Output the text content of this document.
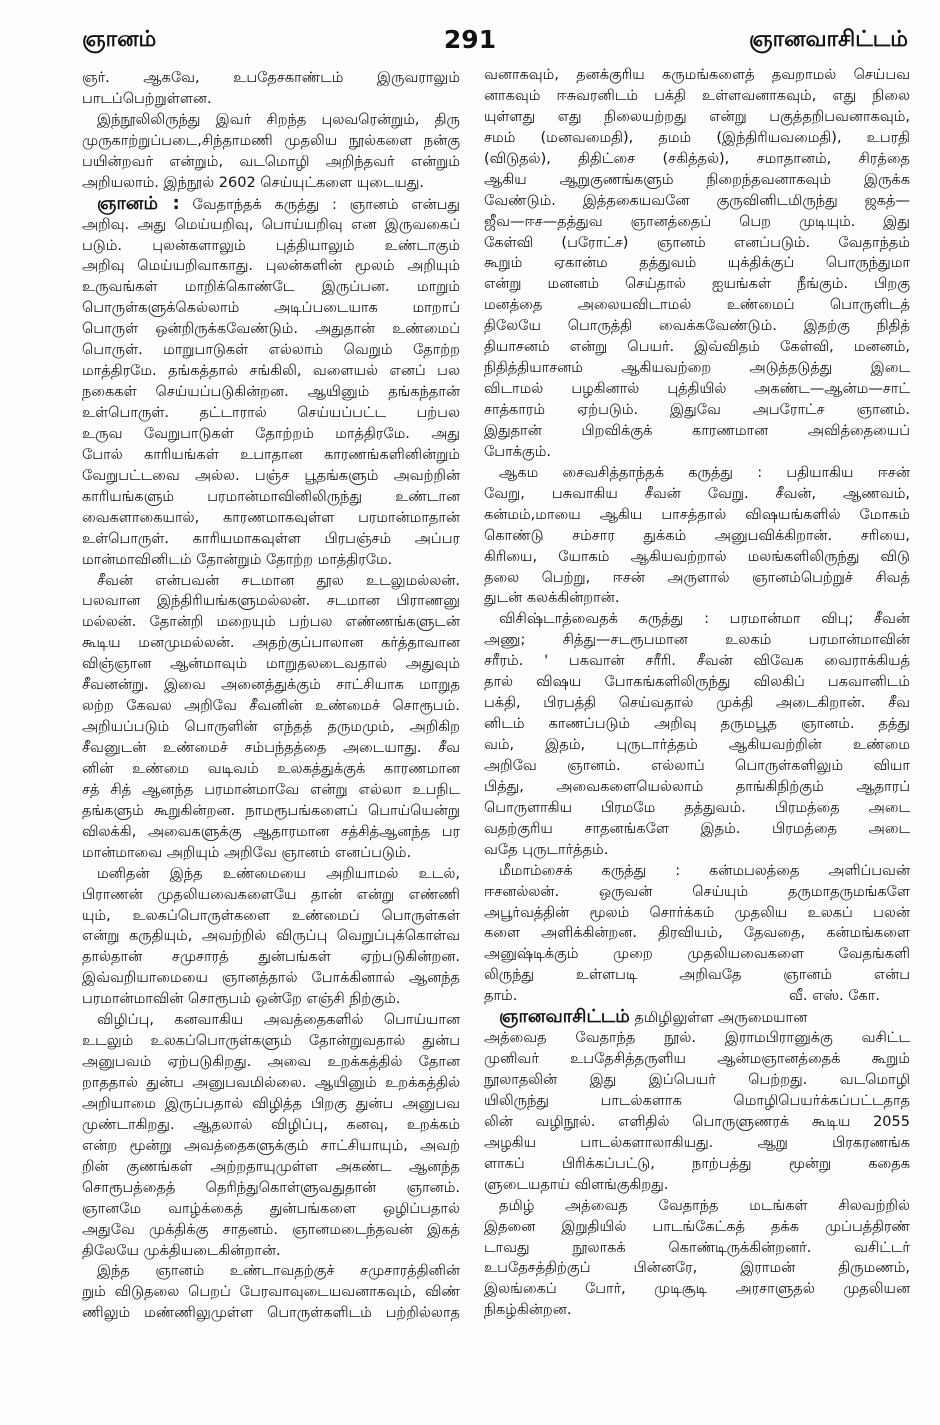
ஞானம்	291	ஞானவாசிட்டம்
ஞர். ஆகவே, உபதேசகாண்டம் இருவராலும்
பாடப்பெற்றுள்ளன.
இந்நூலிலிருந்து இவர் சிறந்த புலவரென்றும், திரு
முருகாற்றுப்படை,சிந்தாமணி முதலிய நூல்களை நன்கு
பயின்றவர் என்றும், வடமொழி அறிந்தவர் என்றும்
அறியலாம். இந்நூல் 2602 செய்யுட்களை யுடையது.
ஞானம் : வேதாந்தக் கருத்து : ஞானம் என்பது
அறிவு. அது மெய்யறிவு, பொய்யறிவு என இருவகைப்
படும். புலன்களாலும் புத்தியாலும் உண்டாகும்
அறிவு மெய்யறிவாகாது. புலன்களின் மூலம் அறியும்
உருவங்கள் மாறிக்கொண்டே இருப்பன. மாறும்
பொருள்களுக்கெல்லாம் அடிப்படையாக மாறாப்
பொருள் ஒன்றிருக்கவேண்டும். அதுதான் உண்மைப்
பொருள். மாறுபாடுகள் எல்லாம் வெறும் தோற்ற
மாத்திரமே. தங்கத்தால் சங்கிலி, வளையல் எனப் பல
நகைகள் செய்யப்படுகின்றன. ஆயினும் தங்கந்தான்
உள்பொருள். தட்டாரால் செய்யப்பட்ட பற்பல
உருவ வேறுபாடுகள் தோற்றம் மாத்திரமே. அது
போல் காரியங்கள் உபாதான காரணங்களினின்றும்
வேறுபட்டவை அல்ல. பஞ்ச பூதங்களும் அவற்றின்
காரியங்களும் பரமான்மாவினிலிருந்து உண்டான
வைகளாகையால், காரணமாகவுள்ள பரமான்மாதான்
உள்பொருள். காரியமாகவுள்ள பிரபஞ்சம் அப்பர
மான்மாவினிடம் தோன்றும் தோற்ற மாத்திரமே.
சீவன் என்பவன் சடமான தூல உடலுமல்லன்.
பலவான இந்திரியங்களுமல்லன். சடமான பிராணனு
மல்லன். தோன்றி மறையும் பற்பல எண்ணங்களுடன்
கூடிய மனமுமல்லன். அதற்குப்பாலான கர்த்தாவான
விஞ்ஞான ஆன்மாவும் மாறுதலடைவதால் அதுவும்
சீவனன்று. இவை அனைத்துக்கும் சாட்சியாக மாறுத
லற்ற கேவல அறிவே சீவனின் உண்மைச் சொரூபம்.
அறியப்படும் பொருளின் எந்தத் தருமமும், அறிகிற
சீவனுடன் உண்மைச் சம்பந்தத்தை அடையாது. சீவ
னின் உண்மை வடிவம் உலகத்துக்குக் காரணமான
சத் சித் ஆனந்த பரமான்மாவே என்று எல்லா உபநிட
தங்களும் கூறுகின்றன. நாமரூபங்களைப் பொய்யென்று
விலக்கி, அவைகளுக்கு ஆதாரமான சத்சித்ஆனந்த பர
மான்மாவை அறியும் அறிவே ஞானம் எனப்படும்.
மனிதன் இந்த உண்மையை அறியாமல் உடல்,
பிராணன் முதலியவைகளையே தான் என்று எண்ணி
யும், உலகப்பொருள்களை உண்மைப் பொருள்கள்
என்று கருதியும், அவற்றில் விருப்பு வெறுப்புக்கொள்வ
தால்தான் சமுசாரத் துன்பங்கள் ஏற்படுகின்றன.
இவ்வறியாமையை ஞானத்தால் போக்கினால் ஆனந்த
பரமான்மாவின் சொரூபம் ஒன்றே எஞ்சி நிற்கும்.
விழிப்பு, கனவாகிய அவத்தைகளில் பொய்யான
உடலும் உலகப்பொருள்களும் தோன்றுவதால் துன்ப
அனுபவம் ஏற்படுகிறது. அவை உறக்கத்தில் தோன
றாததால் துன்ப அனுபவமில்லை. ஆயினும் உறக்கத்தில்
அறியாமை இருப்பதால் விழித்த பிறகு துன்ப அனுபவ
முண்டாகிறது. ஆதலால் விழிப்பு, கனவு, உறக்கம்
என்ற மூன்று அவத்தைகளுக்கும் சாட்சியாயும், அவற்
றின் குணங்கள் அற்றதாயுமுள்ள அகண்ட ஆனந்த
சொரூபத்தைத் தெரிந்துகொள்ளுவதுதான் ஞானம்.
ஞானமே வாழ்க்கைத் துன்பங்களை ஒழிப்பதால்
அதுவே முக்திக்கு சாதனம். ஞானமடைந்தவன் இகத்
திலேயே முக்தியடைகின்றான்.
இந்த ஞானம் உண்டாவதற்குச் சமுசாரத்தினின்
றும் விடுதலை பெறப் பேரவாவுடையவனாகவும், விண்
ணிலும் மண்ணிலுமுள்ள பொருள்களிடம் பற்றில்லாத
வனாகவும், தனக்குரிய கருமங்களைத் தவறாமல் செய்பவ
னாகவும் ஈசுவரனிடம் பக்தி உள்ளவனாகவும், எது நிலை
யுள்ளது எது நிலையற்றது என்று பகுத்தறிபவனாகவும்,
சமம் (மனவமைதி), தமம் (இந்திரியவமைதி), உபரதி
(விடுதல்), திதிட்சை (சகித்தல்), சமாதானம், சிரத்தை
ஆகிய ஆறுகுணங்களும் நிறைந்தவனாகவும் இருக்க
வேண்டும். இத்தகையவனே குருவினிடமிருந்து ஜகத்—
ஜீவ—ஈச—தத்துவ ஞானத்தைப் பெற முடியும். இது
கேள்வி (பரோட்ச) ஞானம் எனப்படும். வேதாந்தம்
கூறும் ஏகான்ம தத்துவம் யுக்திக்குப் பொருந்துமா
என்று மனனம் செய்தால் ஐயங்கள் நீங்கும். பிறகு
மனத்தை அலையவிடாமல் உண்மைப் பொருளிடத்
திலேயே பொருத்தி வைக்கவேண்டும். இதற்கு நிதித்
தியாசனம் என்று பெயர். இவ்விதம் கேள்வி, மனனம்,
நிதித்தியாசனம் ஆகியவற்றை அடுத்தடுத்து இடை
விடாமல் பழகினால் புத்தியில் அகண்ட—ஆன்ம—சாட்
சாத்காரம் ஏற்படும். இதுவே அபரோட்ச ஞானம்.
இதுதான் பிறவிக்குக் காரணமான அவித்தையைப்
போக்கும்.
ஆகம சைவசித்தாந்தக் கருத்து : பதியாகிய ஈசன்
வேறு, பசுவாகிய சீவன் வேறு. சீவன், ஆணவம்,
கன்மம்,மாயை ஆகிய பாசத்தால் விஷயங்களில் மோகம்
கொண்டு சம்சார துக்கம் அனுபவிக்கிறான். சரியை,
கிரியை, யோகம் ஆகியவற்றால் மலங்களிலிருந்து விடு
தலை பெற்று, ஈசன் அருளால் ஞானம்பெற்றுச் சிவத்
துடன் கலக்கின்றான்.
விசிஷ்டாத்வைதக் கருத்து : பரமான்மா விபு; சீவன்
அணு; சித்து—சடரூபமான உலகம் பரமான்மாவின்
சரீரம். ' பகவான் சரீரி. சீவன் விவேக வைராக்கியத்
தால் விஷய போகங்களிலிருந்து விலகிப் பகவானிடம்
பக்தி, பிரபத்தி செய்வதால் முக்தி அடைகிறான். சீவ
னிடம் காணப்படும் அறிவு தருமபூத ஞானம். தத்து
வம், இதம், புருடார்த்தம் ஆகியவற்றின் உண்மை
அறிவே ஞானம். எல்லாப் பொருள்களிலும் வியா
பித்து, அவைகளையெல்லாம் தாங்கிநிற்கும் ஆதாரப்
பொருளாகிய பிரமமே தத்துவம். பிரமத்தை அடை
வதற்குரிய சாதனங்களே இதம். பிரமத்தை அடை
வதே புருடார்த்தம்.
மீமாம்சைக் கருத்து : கன்மபலத்தை அளிப்பவன்
ஈசனல்லன். ஒருவன் செய்யும் தருமாதருமங்களே
அபூர்வத்தின் மூலம் சொர்க்கம் முதலிய உலகப் பலன்
களை அளிக்கின்றன. திரவியம், தேவதை, கன்மங்களை
அனுஷ்டிக்கும் முறை முதலியவைகளை வேதங்களி
லிருந்து உள்ளபடி அறிவதே ஞானம் என்ப
தாம்.	வீ. எஸ். கோ.
ஞானவாசிட்டம் தமிழிலுள்ள அருமையான
அத்வைத வேதாந்த நூல். இராமபிரானுக்கு வசிட்ட
முனிவர் உபதேசித்தருளிய ஆன்மஞானத்தைக் கூறும்
நூலாதலின் இது இப்பெயர் பெற்றது. வடமொழி
யிலிருந்து பாடல்களாக மொழிபெயர்க்கப்பட்டதாத
லின் வழிநூல். எளிதில் பொருளுணரக் கூடிய 2055
அழகிய பாடல்களாலாகியது. ஆறு பிரகரணங்க
ளாகப் பிரிக்கப்பட்டு, நாற்பத்து மூன்று கதைக
ளுடையதாய் விளங்குகிறது.
தமிழ் அத்வைத வேதாந்த மடங்கள் சிலவற்றில்
இதனை இறுதியில் பாடங்கேட்கத் தக்க முப்பத்திரண்
டாவது நூலாகக் கொண்டிருக்கின்றனர். வசிட்டர்
உபதேசத்திற்குப் பின்னரே, இராமன் திருமணம்,
இலங்கைப் போர், முடிசூடி அரசாளுதல் முதலியன
நிகழ்கின்றன.
